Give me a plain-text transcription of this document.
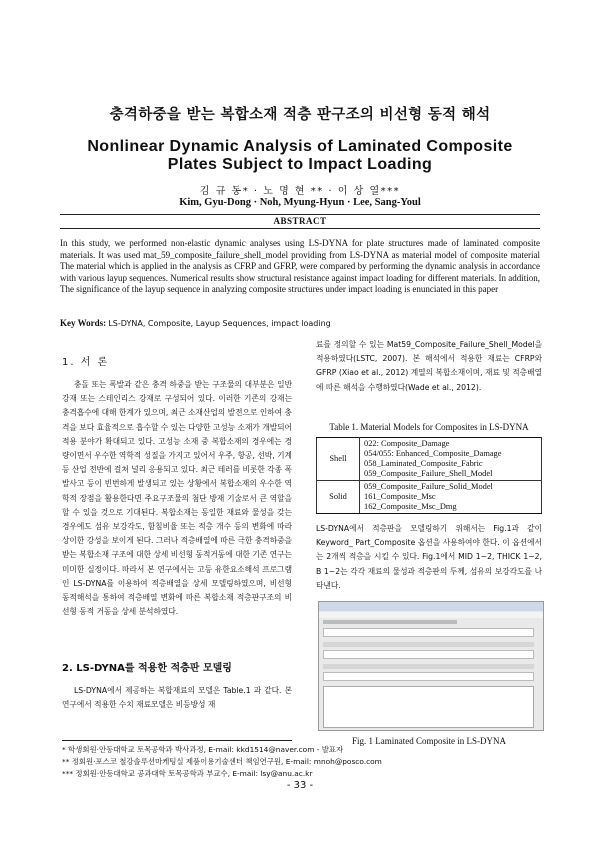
충격하중을 받는 복합소재 적층 판구조의 비선형 동적 해석
Nonlinear Dynamic Analysis of Laminated Composite
Plates Subject to Impact Loading
김 규 동* · 노 명 현 ** · 이 상 열***
Kim, Gyu-Dong · Noh, Myung-Hyun · Lee, Sang-Youl
ABSTRACT
In this study, we performed non-elastic dynamic analyses using LS-DYNA for plate structures made of laminated composite materials. It was used mat_59_composite_failure_shell_model providing from LS-DYNA as material model of composite material The material which is applied in the analysis as CFRP and GFRP, were compared by performing the dynamic analysis in accordance with various layup sequences. Numerical results show structural resistance against impact loading for different materials. In addition, The significance of the layup sequence in analyzing composite structures under impact loading is enunciated in this paper
Key Words: LS-DYNA, Composite, Layup Sequences, impact loading
1. 서 론
충돌 또는 폭발과 같은 충격 하중을 받는 구조물의 대부분은 일반강재 또는 스테인리스 강재로 구성되어 있다. 이러한 기존의 강재는 충격흡수에 대해 한계가 있으며, 최근 소재산업의 발전으로 인하여 충격을 보다 효율적으로 흡수할 수 있는 다양한 고성능 소재가 개발되어 적용 분야가 확대되고 있다. 고성능 소재 중 복합소재의 경우에는 경량이면서 우수한 역학적 성질을 가지고 있어서 우주, 항공, 선박, 기계 등 산업 전반에 걸쳐 널리 응용되고 있다. 최근 테러를 비롯한 각종 폭발사고 등이 빈번하게 발생되고 있는 상황에서 복합소재의 우수한 역학적 장점을 활용한다면 주요구조물의 첨단 방재 기술로서 큰 역할을 할 수 있을 것으로 기대된다. 복합소재는 동일한 재료와 물성을 갖는 경우에도 섬유 보강각도, 함침비율 또는 적층 개수 등의 변화에 따라 상이한 강성을 보이게 된다. 그러나 적층배열에 따른 극한 충격하중을 받는 복합소재 구조에 대한 상세 비선형 동적거동에 대한 기존 연구는 미미한 실정이다. 따라서 본 연구에서는 고등 유한요소해석 프로그램인 LS-DYNA를 이용하여 적층배열을 상세 모델링하였으며, 비선형 동적해석을 통하여 적층배열 변화에 따른 복합소재 적층판구조의 비선형 동적 거동을 상세 분석하였다.
2. LS-DYNA를 적용한 적층판 모델링
LS-DYNA에서 제공하는 복합재료의 모델은 Table.1 과 같다. 본 연구에서 적용한 수치 재료모델은 비등방성 재
료를 정의할 수 있는 Mat59_Composite_Failure_Shell_Model을 적용하였다(LSTC, 2007). 본 해석에서 적용한 재료는 CFRP와 GFRP (Xiao et al., 2012) 계열의 복합소재이며, 재료 및 적층배열에 따른 해석을 수행하였다(Wade et al., 2012).
Table 1. Material Models for Composites in LS-DYNA
Shell	022: Composite_Damage
054/055: Enhanced_Composite_Damage
058_Laminated_Composite_Fabric
059_Composite_Failure_Shell_Model

Solid	059_Composite_Failure_Solid_Model
161_Composite_Msc
162_Composite_Msc_Dmg
LS-DYNA에서 적층판을 모델링하기 위해서는 Fig.1과 같이 Keyword_ Part_Composite 옵션을 사용하여야 한다. 이 옵션에서는 2개씩 적층을 시킬 수 있다. Fig.1에서 MID 1~2, THICK 1~2, B 1~2는 각각 재료의 물성과 적층판의 두께, 섬유의 보강각도를 나타낸다.
Fig. 1 Laminated Composite in LS-DYNA
* 학생회원·안동대학교 토목공학과 박사과정, E-mail: kkd1514@naver.com - 발표자
** 정회원·포스코 철강솔루션마케팅실 제품이용기술센터 책임연구원, E-mail: mnoh@posco.com
*** 정회원·안동대학교 공과대학 토목공학과 부교수, E-mail: lsy@anu.ac.kr
- 33 -
